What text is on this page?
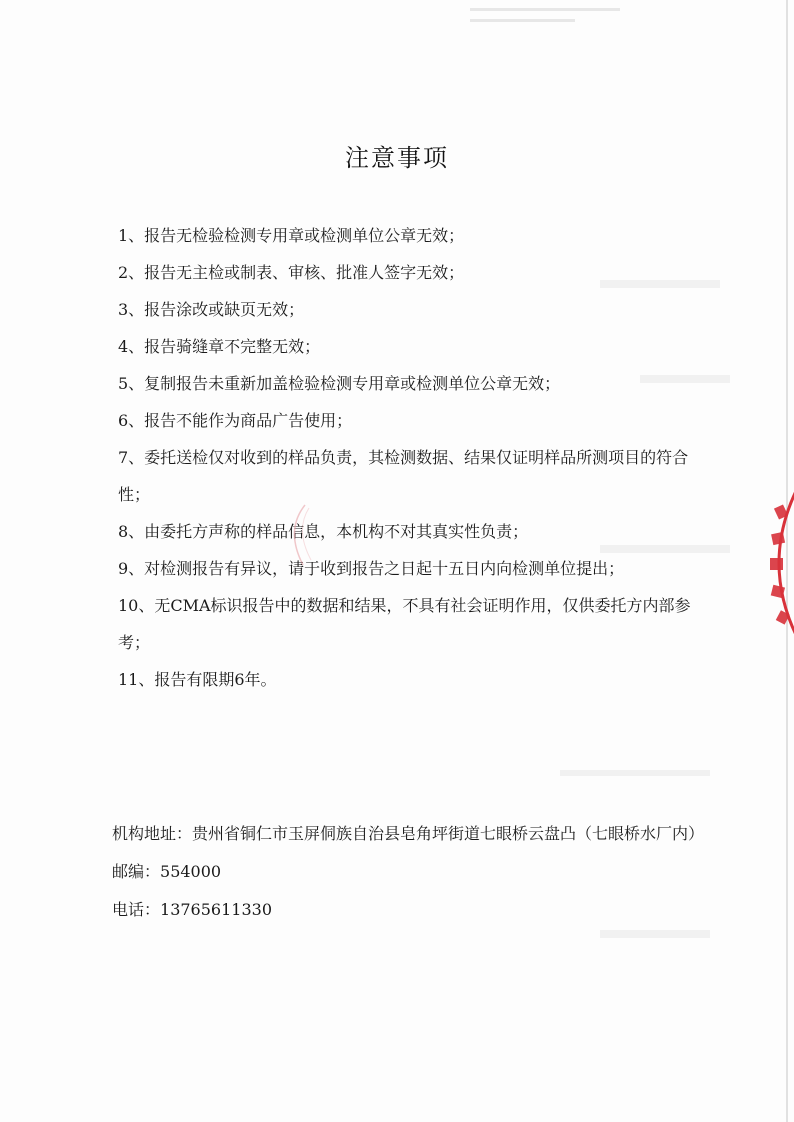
注意事项
1、报告无检验检测专用章或检测单位公章无效；
2、报告无主检或制表、审核、批准人签字无效；
3、报告涂改或缺页无效；
4、报告骑缝章不完整无效；
5、复制报告未重新加盖检验检测专用章或检测单位公章无效；
6、报告不能作为商品广告使用；
7、委托送检仅对收到的样品负责，其检测数据、结果仅证明样品所测项目的符合性；
8、由委托方声称的样品信息，本机构不对其真实性负责；
9、对检测报告有异议，请于收到报告之日起十五日内向检测单位提出；
10、无CMA标识报告中的数据和结果，不具有社会证明作用，仅供委托方内部参考；
11、报告有限期6年。
机构地址： 贵州省铜仁市玉屏侗族自治县皂角坪街道七眼桥云盘凸（七眼桥水厂内）
邮编：554000
电话：13765611330
